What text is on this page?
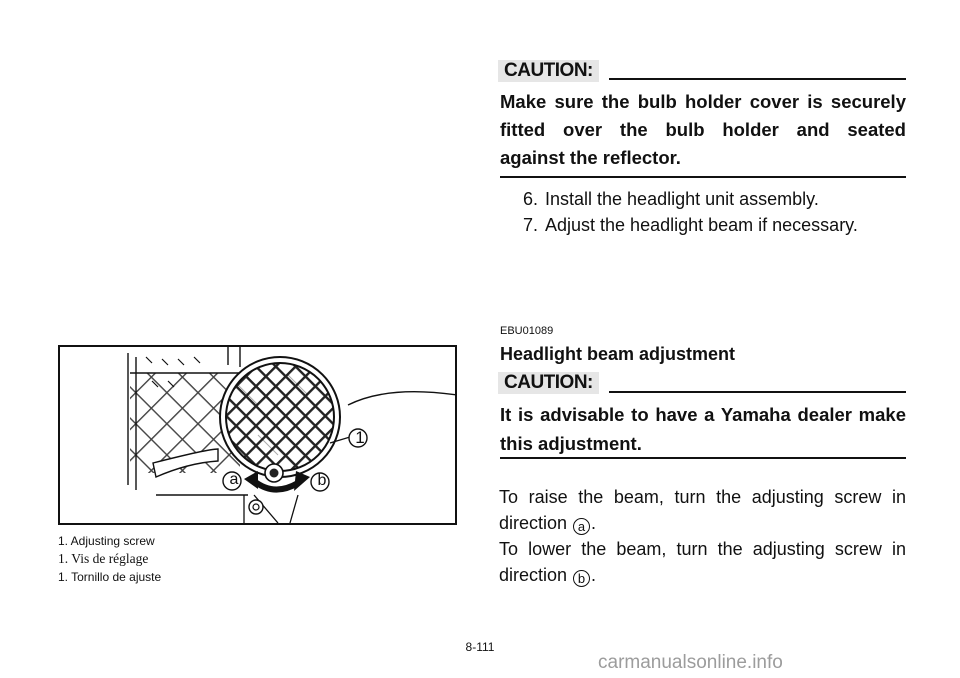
CAUTION:
Make sure the bulb holder cover is securely
fitted over the bulb holder and seated
against the reflector.
6. Install the headlight unit assembly.
7. Adjust the headlight beam if necessary.
EBU01089
Headlight beam adjustment
CAUTION:
It is advisable to have a Yamaha dealer make
this adjustment.
To raise the beam, turn the adjusting screw in
direction a .
To lower the beam, turn the adjusting screw in
direction b .
1
a	b
1. Adjusting screw
1. Vis de réglage
1. Tornillo de ajuste
8-111
carmanualsonline.info
